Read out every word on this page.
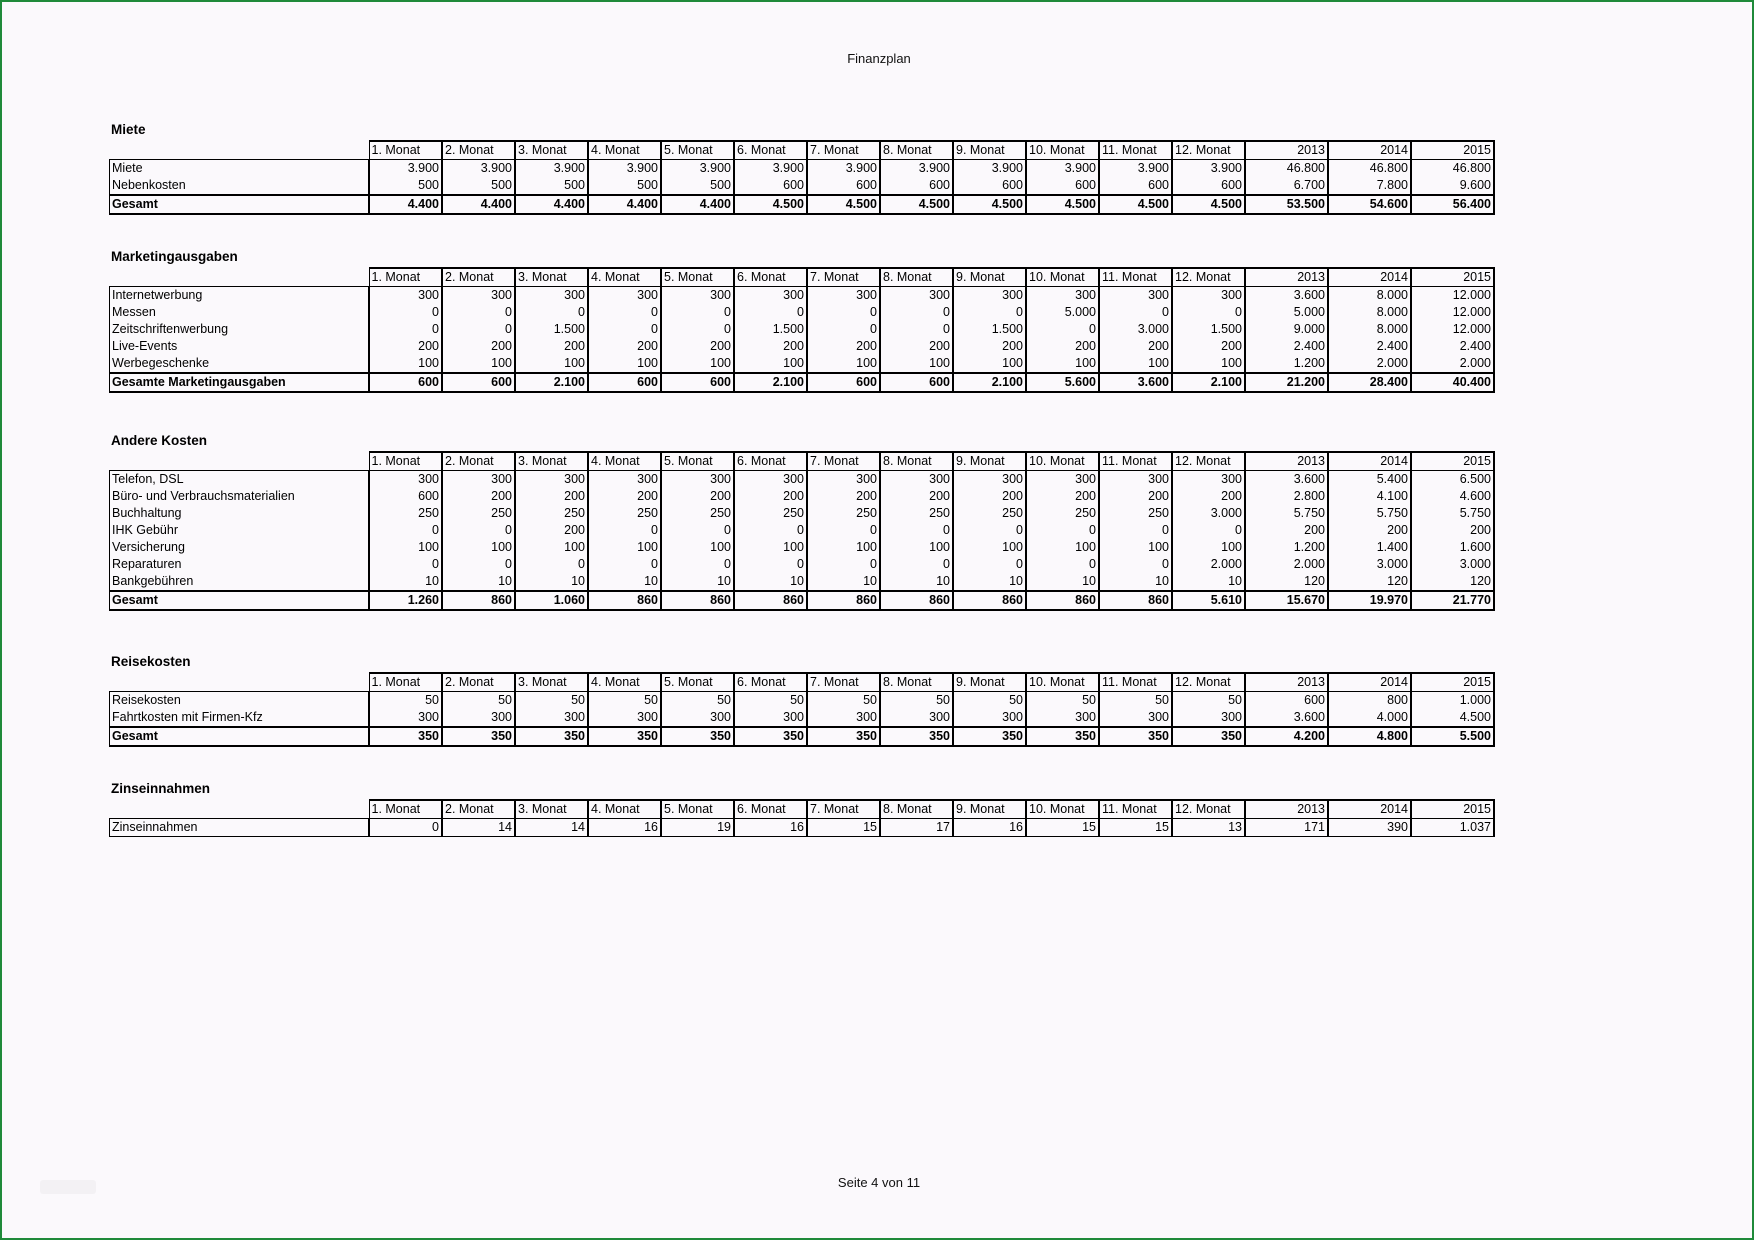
Finanzplan
Miete
	1. Monat	2. Monat	3. Monat	4. Monat	5. Monat	6. Monat	7. Monat	8. Monat	9. Monat	10. Monat	11. Monat	12. Monat	2013	2014	2015
Miete	3.900	3.900	3.900	3.900	3.900	3.900	3.900	3.900	3.900	3.900	3.900	3.900	46.800	46.800	46.800
Nebenkosten	500	500	500	500	500	600	600	600	600	600	600	600	6.700	7.800	9.600
Gesamt	4.400	4.400	4.400	4.400	4.400	4.500	4.500	4.500	4.500	4.500	4.500	4.500	53.500	54.600	56.400
Marketingausgaben
	1. Monat	2. Monat	3. Monat	4. Monat	5. Monat	6. Monat	7. Monat	8. Monat	9. Monat	10. Monat	11. Monat	12. Monat	2013	2014	2015
Internetwerbung	300	300	300	300	300	300	300	300	300	300	300	300	3.600	8.000	12.000
Messen	0	0	0	0	0	0	0	0	0	5.000	0	0	5.000	8.000	12.000
Zeitschriftenwerbung	0	0	1.500	0	0	1.500	0	0	1.500	0	3.000	1.500	9.000	8.000	12.000
Live-Events	200	200	200	200	200	200	200	200	200	200	200	200	2.400	2.400	2.400
Werbegeschenke	100	100	100	100	100	100	100	100	100	100	100	100	1.200	2.000	2.000
Gesamte Marketingausgaben	600	600	2.100	600	600	2.100	600	600	2.100	5.600	3.600	2.100	21.200	28.400	40.400
Andere Kosten
	1. Monat	2. Monat	3. Monat	4. Monat	5. Monat	6. Monat	7. Monat	8. Monat	9. Monat	10. Monat	11. Monat	12. Monat	2013	2014	2015
Telefon, DSL	300	300	300	300	300	300	300	300	300	300	300	300	3.600	5.400	6.500
Büro- und Verbrauchsmaterialien	600	200	200	200	200	200	200	200	200	200	200	200	2.800	4.100	4.600
Buchhaltung	250	250	250	250	250	250	250	250	250	250	250	3.000	5.750	5.750	5.750
IHK Gebühr	0	0	200	0	0	0	0	0	0	0	0	0	200	200	200
Versicherung	100	100	100	100	100	100	100	100	100	100	100	100	1.200	1.400	1.600
Reparaturen	0	0	0	0	0	0	0	0	0	0	0	2.000	2.000	3.000	3.000
Bankgebühren	10	10	10	10	10	10	10	10	10	10	10	10	120	120	120
Gesamt	1.260	860	1.060	860	860	860	860	860	860	860	860	5.610	15.670	19.970	21.770
Reisekosten
	1. Monat	2. Monat	3. Monat	4. Monat	5. Monat	6. Monat	7. Monat	8. Monat	9. Monat	10. Monat	11. Monat	12. Monat	2013	2014	2015
Reisekosten	50	50	50	50	50	50	50	50	50	50	50	50	600	800	1.000
Fahrtkosten mit Firmen-Kfz	300	300	300	300	300	300	300	300	300	300	300	300	3.600	4.000	4.500
Gesamt	350	350	350	350	350	350	350	350	350	350	350	350	4.200	4.800	5.500
Zinseinnahmen
	1. Monat	2. Monat	3. Monat	4. Monat	5. Monat	6. Monat	7. Monat	8. Monat	9. Monat	10. Monat	11. Monat	12. Monat	2013	2014	2015
Zinseinnahmen	0	14	14	16	19	16	15	17	16	15	15	13	171	390	1.037
Seite 4 von 11
